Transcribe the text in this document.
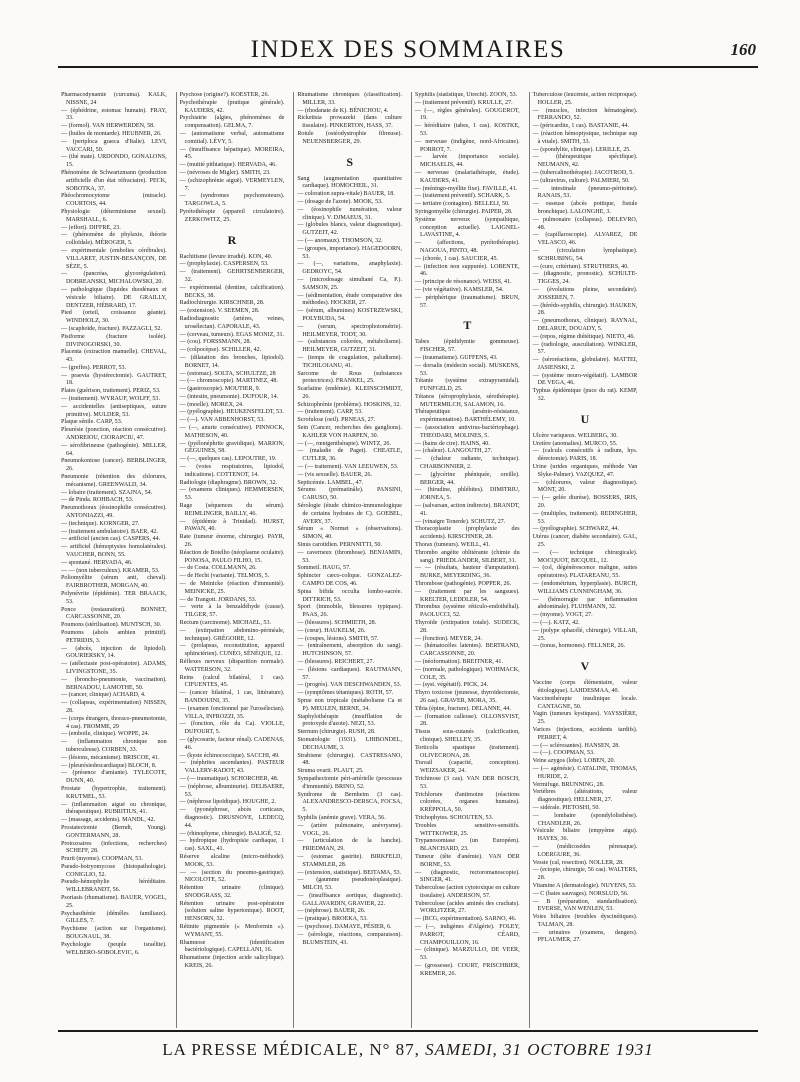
INDEX DES SOMMAIRES	160

Pharmacodynamie (curcuma). KALK, NISSNE, 24

— (éphédrine, estomac humain). FRAY, 33.

— (formol). VAN HERWERDEN, 58.

— (huiles de montarde). HEUBNER, 26.

— (periploca graeca d'Italie). LEVI, VACCARI, 50.

— (thé mate). URDONDO, GONALONS, 15.

Phénomène de Schwartzmann (production artificielle d'un état réfractaire). PECK, SOBOTKA, 37.

Phéochromocytome (miracle). COURTOIS, 44.

Physiologie (déterminisme sexuel). MARSHALL, 6.

— (effort). DIFFRE, 23.

— (phénomène de phylaxie, théorie colloïdale). MÉROGER, 5.

— expérimentale (embolies cérébrales). VILLARET, JUSTIN-BESANÇON, DE SÈZE, 5.

— (pancréas, glycorégulation). DOBREANSKI, MICHALOWSKI, 20.

— pathologique (liquides duodénaux et vésicule biliaire). DE GRAILLY, DENTZER, HÉBRARD, 17.

Pied (orteil, croissance géante). WINDHOLZ, 30.

— (scaphoïde, fracture). PAZZAGLI, 52.

Pisiforme (fracture isolée). DIVINOGORSKI, 30.

Placenta (extraction manuelle). CHEVAL, 43.

— (greffes). PERROT, 53.

— praevia (hystérectomie). GAUTRET, 18.

Plaies (guérison, traitement). PERIZ, 53.

— (traitement). WYRAUF, WOLFF, 53.

— accidentelles (antiseptiques, suture primitive). MULDER, 53.

Plaque sénile. CARP, 53.

Pleurésie (ponction, réaction consécutive). ANDREIOU, CIORAPCIU, 47.

— sérofibrineuse (pathogénie). MILLER, 64.

Pneumokoniose (cancer). BERBLINGER, 26.

Pneumonie (rétention des chlorures, mécanisme). GREENWALD, 34.

— lobaire (traitement). SZAJNA, 54.

— de Pinda. ROHBACH, 53.

Pneumothorax (éosinophilie consécutive). ANTONIAZZI, 49.

— (technique). KORNGER, 27.

— (traitement ambulatoire). BAER, 42.

— artificiel (ancien cas). CASPERS, 44.

— artificiel (hémoptysies homolatérales). VAUCHER, BONN, 55.

— spontané. HERVADA, 46.

— — (non tuberculeux). KRAMER, 53.

Poliomyélite (sérum anti, cheval). FAIRBROTHER, MORGAN, 40.

Polynévrite (épidémie). TER BRAACK, 53.

Ponce (restauration). BONNET, CARCASSONNE, 20.

Poumons (stérilisation). MUNTSCH, 30.

Poumons (abcès ambien primitif). PETRIDIS, 3.

— (abcès, injection de lipiodol). GOURIERSKY, 14.

— (atélectasie post-opératoire). ADAMS, LIVINGSTONE, 35.

— (broncho-pneumonie, vaccination). BERNADOU, LAMOTHE, 50.

— (cancer, clinique) ACHARD, 4.

— (collapsus, expérimentation) NISSEN, 28.

— (corps étrangers, thoraco-pneumotomie, 4 cas). FROMME, 29

— (emboile, clinique). WOPPE, 24.

— (inflammation chronique non tuberculeuse). CORBEN, 33.

— (lésions, mécanisme). BRISCOE, 41.

— (pleurésiedescardiaque) BLOCH, 8.

— (présence d'amiante). TYLECOTE, DUNN, 40.

Prostate (hypertrophie, traitement). KRUTMEL, 53.

— (inflammation aiguë ou chronique, thérapeutique). RUBRITIUS, 41.

— (massage, accidents). MANDL, 42.

Prostatectomie (Berndt, Young). GONTERMANN, 28.

Protozoaires (infections, recherches) SCHEFF, 28.

Prurit (myome). COOPMAN, 53.

Pseudo-botryomycose (histopathologie). CONIGLIO, 52.

Pseudo-hémophylie héréditaire. WILLEBRANDT, 56.

Psoriasis (rhumatisme). BAUER, VOGEL, 25.

Psychasthénie (démêles familiaux). GILLES, 7.

Psychisme (action sur l'organisme). BOUGNAUL, 38.

Psychologie (peuple israélite). WELBERO-SOBOLEVIC, 6.

Psychose (origine?). KOESTER, 26.

Psychothérapie (pratique générale). KAUDERS, 42.

Psychiatrie (algies, phénomènes de compensation). GELMA, 7.

— (automatisme verbal, automatisme comitial). LÉVY, 5.

— (insuffisance hépatique). MOREIRA, 45.

— (mutité pithiatique). HERVADA, 46.

— (névroses de Migler). SMITH, 23.

— (schizophrénie aiguë). VERMEYLEN, 7.

— (syndromes psychomoteurs). TARGOWLA, 5.

Pyrétothérapie (appareil circulatoire). ZERKOWITZ, 25.

R

Rachitisme (levure irradié). KON, 40.

— (prophylaxie). CASPERSEN, 53.

— (traitement). GEHRTSENBERGER, 32.

— expérimental (dentine, calcification). BECKS, 38.

Radiochirurgie. KIRSCHNER, 28.

— (extension). V. SEEMEN, 28.

Radiodiagnostic (artères, veines, urosélectan). CAPORALE, 43.

— (cerveau, tumeurs). EGAS MONIZ, 31.

— (cou). FORSSMANN, 28.

— (colpocèpse). SCHILLER, 42.

— (dilatation des bronches, lipiodol). BORNET, 14.

— (estomac). SOLTA, SCHULTZE, 28

— (— chromoscopie). MARTINEZ, 48.

— (gastroscopie). MOUTIER, 9.

— (intestin, pneumonie). DUFOUR, 14.

— (moelle). MOREX, 24.

— (pyélographie). HEUKENSFELDT, 53.

— (—). VAN ABBENHORST, 53.

— (—, anurie consécutive). PINNOCK, MATHESON, 40.

— (pyélonéphrite gravidique). MARION, GÉGUINES, 58.

— (—, quelques cas). LEPOUTRE, 19.

— (voies respiratoires, lipiodol, indications). COTTENOT, 14.

Radiologie (diaphragme). BROWN, 32.

— (examens cliniques). HEMMERSEN, 53.

Rage (séquences du sérum). REIMLINGER, BAILLY, 46.

— (épidémie à Trinidad). HURST, PAWAN, 40.

Rate (tumeur énorme, chirurgie). PAYR, 26.

Réaction de Botelho (néoplasme oculaire). PONOSA, PAULO FILHO, 15.

— de Costa. COLLMANN, 26.

— de Hecht (variante). TELMOS, 5.

— de Meinicke (réaction d'immunité). MEINICKE, 25.

— de Trangott. JORDANS, 53.

— verte à la benzaldéhyde (cause). TILGER, 57.

Rectum (carcinome). MICHAEL, 53.

— (extirpation abdomino-périnéale, technique). GRÉGOIRE, 12.

— (prolapsus, reconstitution, appareil sphinctérien). CUNÉO, SÉNÈQUE, 12.

Réflexes nerveux (disparition normale). WATTERSON, 32.

Reins (calcul bilatéral, 1 cas). CIFUENTES, 45.

— (cancer bilatéral, 1 cas, littérature). BANDOUINI, 35.

— (examen fonctionnel par l'urosélectan). VILLA, INFROZZI, 35.

— (fonction, rôle du Ca). VIOLLE, DUFOURT, 5.

— (glycosurie, facteur rénal). CADENAS, 46.

— (kyste échinococcique). SACCHI, 49.

— (néphrites ascendantes). PASTEUR VALLERY-RADOT, 43.

— (— traumatique). SCHORCHER, 48.

— (néphrose, albuminurie). DELBAERE, 53.

— (néphrose lipoïdique). HOUGHE, 2.

— (pyonéphrose, abcès corticaux, diagnostic). DRUSNOVE, LEDECQ, 44.

— (rhinophyme, chirurgie). BALIGÉ, 52.

— hydropique (hydropisie cardiaque, 1 cas). SAXL, 41.

Réserve alcaline (micro-méthode). MOOK, 53.

— — (section du pneumo-gastrique). NICOLOTE, 52.

Rétention urinaire (clinique). SNODGRASS, 32.

Rétention urinaire post-opératoire (solution saline hypertonique). ROOT, HENSORN, 32.

Rétinite pigmentée (« Menformin »). WYMANT, 55.

Rhamnose (identification bactériologique). CAPELLANI, 16.

Rhumatisme (injection acide salicylique). KREIS, 26.

Rhumatisme chroniques (classification). MILLER, 33.

— (rhodanate de K). BÉNICHOU, 4.

Rickettsia prowazeki (dans culture tissulaire). PINKERTON, HASS, 37.

Rotule (ostéodystrophie fibreuse). NEUENSBERGER, 29.

S

Sang (augmentation quantitative cardiaque). HOMOCHEIL, 31.

— coloration supra-vitale) BAUER, 18.

— (dosage de l'azote). MOOK, 53.

— (éosinophile numération, valeur clinique). V. DJMAEUS, 31.

— (globules blancs, valeur diagnostique). GUTZEIT, 42.

— (— anomaux). THOMSON, 32.

— (groupes, importance). HAGEDOORN, 53.

— (—, variations, anaphylaxie). GEDROYC, 54.

— (microdosage simultané Ca, P.). SAMSON, 25.

— (sédimentation, étude comparative des méthodes). HOCKER, 27.

— (sérum, albumines) KOSTRZEWSKI, POLYBUDA, 54.

— (serum, spectrophotométrie). HEILMEYER, TODT, 30.

— (substances colorées, métabolisme). HEILMEYER, GUTZEIT, 31.

— (temps de coagulation, paludisme). TICHILOIANU, 41.

Sarcome de Rous (substances protectrices). FRANKEL, 25.

Scarlatine (endémie). KLEINSCHMIDT, 26.

Schizophrénie (problème). HOSKINS, 32.

— (traitement). CARP, 53.

Scrofulose (oeil). PRNEAS, 27.

Sein (Cancer, recherches des ganglions). KAHLER VON HARPEN, 30.

— (—, rœntgenthérapie). WINTZ, 26.

— (maladie de Paget). CHEATLE, CUTLER, 36.

— (— traitement). VAN LEEUWEN, 53.

— (vis sexuelle). BAUER, 26.

Septicémie. LAMBEL, 47.

Sérums (prématinâle). PANSINI, CARUSO, 50.

Sérologie (étude chimico-immunologique de certains hydrates de C). GOEBEL, AVERY, 37.

Sérum « Normet » (observations). SIMON, 40.

Sinus carotidien. PERNNITTI, 50.

— caverneux (thrombose). BENJAMIN, 53.

Sommeil. HAUG, 57.

Sphincter cæco-colique. GONZALEZ-CAMPO DE COS, 46.

Spina bifida occulta lombo-sacrée. DITTRICH, 53.

Sport (immobile, blessures typiques). PAAS, 26.

— (blessures). SCHMIETH, 28.

— (cœur). HAUKELM, 26.

— (coupes, lésions). SMITH, 57.

— (entraînement, absorption du sang). HUTCHINSON, 57.

— (blessures). REICHERT, 27.

— (lésions cardiaques). RAUTMANN, 57.

— (progrès). VAN DESCHWANDEN, 53.

— (symptômes tétaniques). ROTH, 57.

Sprue non tropicale (métabolisme Ca et P). MEULEN, BERNE, 34.

Staphylothérapie (insufflation de protoxyde d'azote). NEZI, 53.

Sternum (chirurgie). RUSH, 28.

Stomatologie (1931). LHIBONDEL, DECHAUME, 3.

Strabisme (chirurgie). CASTRESANO, 48.

Struma ovarii. PLAUT, 25.

Sympathectomie péri-artérielle (processus d'immunité). BRINO, 52.

Syndrome de Bernheim (3 cas). ALEXANDRESCO-DERSCA, FOCSA, 5.

Syphilis (anémie grave). VERA, 56.

— (artère pulmonaire, anévrysme). VOGL, 26.

— (articulation de la hanche). FRIEDMAN, 29.

— (estomac gastrite). BIRKFELD, STAMMLER, 28.

— (extension, statistique). BEITAMA, 53.

— (gaumme pseudonéoplasique). MILCH, 53.

— (insuffisance aortique, diagnostic). GALLAVARDIN, GRAVIER, 22.

— (néphrose). BAUER, 26.

— (pratique). BROEKA, 53.

— (psychose). DAMAYE, PÉSIER, 6.

— (sérologie, réactions, comparaison). BLUMSTEIN, 43.

Syphilis (statistique, Utrecht). ZOON, 53.

— (traitement préventif). KRULLE, 27.

— (—, règles générales). GOUGEROT, 19.

— héréditaire (tabes, 1 cas). KOSTKE, 53.

— nerveuse (indigène, nord-Africaine). PORROT, 7.

— larvée (importance sociale). MICHAELIS, 44.

— nerveuse (malariathérapie, étude). KAUDERS, 41.

— (méningo-myélite fixe). FAVILLE, 41.

— (traitement préventif). SCHARK, 5.

— tertiaire (contagion). BELLELI, 50.

Syringomyélie (chirurgie). PAIPER, 28.

Système nerveux (sympathique, conception actuelle). LAIGNEL-LAVASTINE, 4.

— (affections, pyrétothérapie). NAGOUA, PINTO, 48.

— (chorée, 1 cas). SAUCIER, 45.

— (infection non suppurée). LOBENTE, 46.

— (principe de résonance). WEISS, 41.

— (vie végétative). KAMSLER, 54.

— périphérique (traumatisme). BRUN, 57.

T

Tabes (épididymite gommeuse). FISCHER, 57.

— (traumatisme). GUFFENS, 43.

— dorsalis (médecin social). MUSKENS, 53.

Tétanie (système extrapyramidal). FUNFGELD, 25.

Tétanos (séroprophylaxie, sérothérapie). MUTERMILCH, SALAMON, 16.

Thérapeutique (arsénio-résistance, expérimentation). BARTHÉLEMY, 10.

— (association antivirus-bactériophage). THEODARI, MOLINES, 5.

— (bains de cire). HAINS, 40.

— (chaleur). LANGOUTH, 27.

— (chaleur radiante, technique). CHARBONNIER, 2.

— (glycérine phéniquée, oreille). BERGER, 44.

— (hirudine, phlébites). DIMITRIU, JORNEA, 5.

— (salvarsan, action indirecte). BRANDT, 41.

— (vinaigre Tonerde). SCHUTZ, 27.

Thoracoplastie (prophylaxie des accidents). KIRSCHNER, 28.

Thorax (tumeurs). WEILL, 41.

Thrombo angéite oblitérante (chimie du sang). FRIEDLANDER, SILBERT, 31.

— — (résultats, hauteur d'amputation). BURKE, MEYERDING, 36.

Thrombose (pathogénie). POPPER, 26.

— (traitement par les sangsues). KRELTER, LEDDLER, 54.

Thrombus (système réticulo-endothélial). PAOLUCCI, 52.

Thyroïde (extirpation totale). SUDECK, 28.

— (fonction). MEYER, 24.

— (hématocèles latentes). BERTRAND, CARCASSONNE, 20.

— (néoformation). BREITNER, 41.

— (normale, pathologique). WOHMACK, COLE, 35.

— (syst. végétatif). PICK, 24.

Thyro toxicose (jeunesse, thyroïdectomie, 26 cas). GRAVER, MORA, 35.

Tibia (épine, fracture). DELANNE, 44.

— (formation calleuse). OLLONSVIST, 28.

Tissus sous-cutanés (calcification, clinique). SHELLEY, 35.

Torticolis spastique (traitement). OLIVECRONA, 28.

Travail (capacité, conception). WEIZSAKER, 24.

Trichinose (3 cas). VAN DER BOSCH, 53.

Trichlorure d'antimoine (réactions colorées, organes humains). KRÉPPOLA, 50.

Trichophytes. SCHOUTEN, 53.

Troubles sensitivo-sensitifs. WITTKOWER, 25.

Trypanosomiase (un Européen). BLANCHARD, 23.

Tumeur (tête d'anémie). VAN DER BORNE, 53.

— (diagnostic, rectoromanoscopie). SINGER, 41.

Tuberculose (action cytotoxique en culture tissulaire). ANDERSON, 57.

Tuberculose (acides aminés des crachats). WORLITZER, 27.

— (BCG, expérimentation). SARNO, 46.

— (—, indigènes d'Algérie). FOLEY, PARROT, CÉARD, CHAMPOUILLON, 16.

— (clinique). MARZULLO, DE VEER, 53.

— (grossesse). COURT, FRISCHBIER, KREMER, 26.

Tuberculose (leucémie, action réciproque). HOLLER, 25.

— (muscles, infection hématogène). FERRANDO, 52.

— (péricardite, 1 cas). BASTANIE, 44.

— (réaction hémoptysique, technique sup à vitale). SMITH, 33.

— (spondylite, clinique). LERILLE, 25.

— (thérapeutique spécifique). NEUMANN, 42.

— (tubercalinothérapie). JACOTROD, 5.

— (ultravirus, culture). PALMIERI, 50.

— intestinale (pneumo-péritoine). RANAIS, 53.

— osseuse (abcès pottique, fistule bronchique). LALONGHE, 3.

— pulmonaire (collapsus). DELEVRO, 48.

— (capillaroscopie). ALVAREZ, DE VELASCO, 46.

— (circulation lymphatique). SCHRUBING, 54.

— (cure, critérium). STRUTHERS, 40.

— (diagnostic, pronostic). SCHULTE-TIGGES, 24.

— (évolutions pleine, secondaire). JOSSEREN, 7.

— (hérédo-syphilis, chirurgie). HAUKEN, 28.

— (pneumothorax, clinique). RAYNAL, DELARUE, DOUADY, 5.

— (repos, régime diététique). NIETO, 46.

— (radiologie, auscultation). WINKLER, 57.

— (séroréactions, globulaire). MATTEI, JASIENSKI, 2.

— (système neuro-végétatif). LAMBOR DE VEGA, 46.

Typhus épidémique (puce du rat). KEMP, 32.

U

Ulcère variqueux. WELBERG, 30.

Uretère (anomalies). MURCO, 55.

— (calculs consécutifs à radium, hys. dérectomie). PARIS, 18.

Urine (urides organiques, méthode Van Slyke-Palmer). VAZQUEZ, 47.

— (chlorures, valeur diagnostique). MÖNT, 20.

— (— gelée diurèse). BOSSERS, IRIS, 20.

— (multiples, traitement). REDINGHER, 53.

— (pyélographie). SCHWARZ, 44.

Utérus (cancer, diabète secondaire). GAL, 25.

— (— technique chirurgicale). MOCQUOT, BICQUEL, 12.

— (col, dégénérescence maligne, suites opératoires). PLATAREANU, 55.

— (endométrium, hyperplasie). BURCH, WILLIAMS CUNNINGHAM, 36.

— (hémorragie par inflammation abdominale). FLUHMANN, 32.

— (myome). VOGT, 27.

— (—). KATZ, 42.

— (polype sphacélé, chirurgie). VILLAR, 25.

— (tonus, hormones). FELLNER, 26.

V

Vaccine (corps élémentaire, valeur étiologique). LAHDESMAA, 40.

Vaccinothérapie insulinique locale. CANTAGNE, 50.

Vagin (tumeurs kystiques). VAYSSIÈRE, 25.

Varices (injections, accidents tardifs). PERRET, 4.

— (— sclérosantes). HANSEN, 28.

— (—). COOPMAN, 53.

Veine azygos (lobe). LOBEN, 20.

— (— agénésie). CATALINE, THOMAS, HURIDE, 2.

Vermifuge. BRUNNING, 28.

Vertèbres (altérations, valeur diagnostique). HELLNER, 27.

— sidérale. PIETOSHI, 50.

— lombaire (spondylolisthèse). CHANDLER, 26.

Vésicule biliaire (empyème aigu). HAYES, 36.

— (médicosédes pérenaque). LOERGURE, 36.

Vessie (cal, resection). NOLLER, 28.

— (ectopie, chirurgie, 56 cas). WALTERS, 28.

Vitamine A (dermatologie). NUYENS, 53.

— C (baies sauvages). NORSLUD, 56.

— B (préparation, standardisation). EVERSE, VAN WENLEN, 53.

Voies biliaires (troubles dyscinétiques). TALMAN, 28.

— urinaires (examens, dangers). PFLAUMER, 27.

LA PRESSE MÉDICALE, N° 87, SAMEDI, 31 OCTOBRE 1931
